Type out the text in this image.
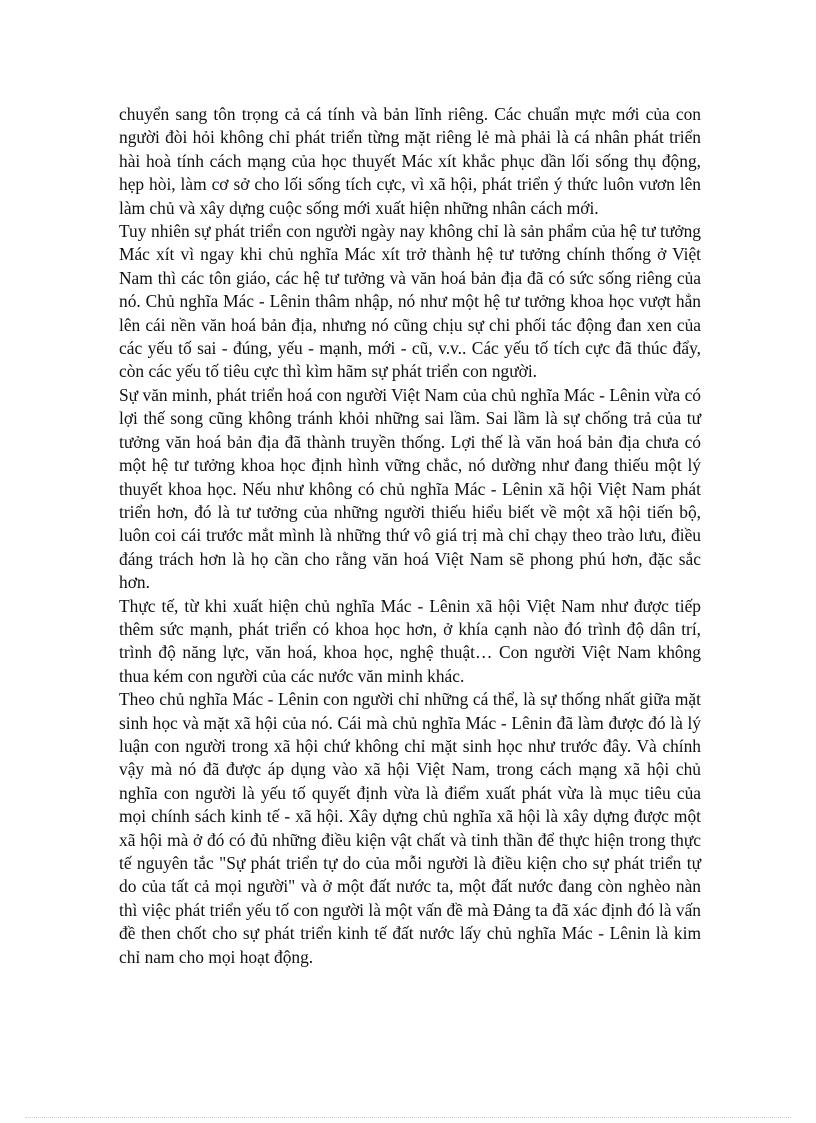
chuyển sang tôn trọng cả cá tính và bản lĩnh riêng. Các chuẩn mực mới của con người đòi hỏi không chỉ phát triển từng mặt riêng lẻ mà phải là cá nhân phát triển hài hoà tính cách mạng của học thuyết Mác xít khắc phục dần lối sống thụ động, hẹp hòi, làm cơ sở cho lối sống tích cực, vì xã hội, phát triển ý thức luôn vươn lên làm chủ và xây dựng cuộc sống mới xuất hiện những nhân cách mới.

Tuy nhiên sự phát triển con người ngày nay không chỉ là sản phẩm của hệ tư tưởng Mác xít vì ngay khi chủ nghĩa Mác xít trở thành hệ tư tưởng chính thống ở Việt Nam thì các tôn giáo, các hệ tư tưởng và văn hoá bản địa đã có sức sống riêng của nó. Chủ nghĩa Mác - Lênin thâm nhập, nó như một hệ tư tưởng khoa học vượt hẳn lên cái nền văn hoá bản địa, nhưng nó cũng chịu sự chi phối tác động đan xen của các yếu tố sai - đúng, yếu - mạnh, mới - cũ, v.v.. Các yếu tố tích cực đã thúc đẩy, còn các yếu tố tiêu cực thì kìm hãm sự phát triển con người.

Sự văn minh, phát triển hoá con người Việt Nam của chủ nghĩa Mác - Lênin vừa có lợi thế song cũng không tránh khỏi những sai lầm. Sai lầm là sự chống trả của tư tưởng văn hoá bản địa đã thành truyền thống. Lợi thế là văn hoá bản địa chưa có một hệ tư tưởng khoa học định hình vững chắc, nó dường như đang thiếu một lý thuyết khoa học. Nếu như không có chủ nghĩa Mác - Lênin xã hội Việt Nam phát triển hơn, đó là tư tưởng của những người thiếu hiểu biết về một xã hội tiến bộ, luôn coi cái trước mắt mình là những thứ vô giá trị mà chỉ chạy theo trào lưu, điều đáng trách hơn là họ cần cho rằng văn hoá Việt Nam sẽ phong phú hơn, đặc sắc hơn.

Thực tế, từ khi xuất hiện chủ nghĩa Mác - Lênin xã hội Việt Nam như được tiếp thêm sức mạnh, phát triển có khoa học hơn, ở khía cạnh nào đó trình độ dân trí, trình độ năng lực, văn hoá, khoa học, nghệ thuật… Con người Việt Nam không thua kém con người của các nước văn minh khác.

Theo chủ nghĩa Mác - Lênin con người chỉ những cá thể, là sự thống nhất giữa mặt sinh học và mặt xã hội của nó. Cái mà chủ nghĩa Mác - Lênin đã làm được đó là lý luận con người trong xã hội chứ không chỉ mặt sinh học như trước đây. Và chính vậy mà nó đã được áp dụng vào xã hội Việt Nam, trong cách mạng xã hội chủ nghĩa con người là yếu tố quyết định vừa là điểm xuất phát vừa là mục tiêu của mọi chính sách kinh tế - xã hội. Xây dựng chủ nghĩa xã hội là xây dựng được một xã hội mà ở đó có đủ những điều kiện vật chất và tinh thần để thực hiện trong thực tế nguyên tắc "Sự phát triển tự do của mỗi người là điều kiện cho sự phát triển tự do của tất cả mọi người" và ở một đất nước ta, một đất nước đang còn nghèo nàn thì việc phát triển yếu tố con người là một vấn đề mà Đảng ta đã xác định đó là vấn đề then chốt cho sự phát triển kinh tế đất nước lấy chủ nghĩa Mác - Lênin là kim chỉ nam cho mọi hoạt động.
